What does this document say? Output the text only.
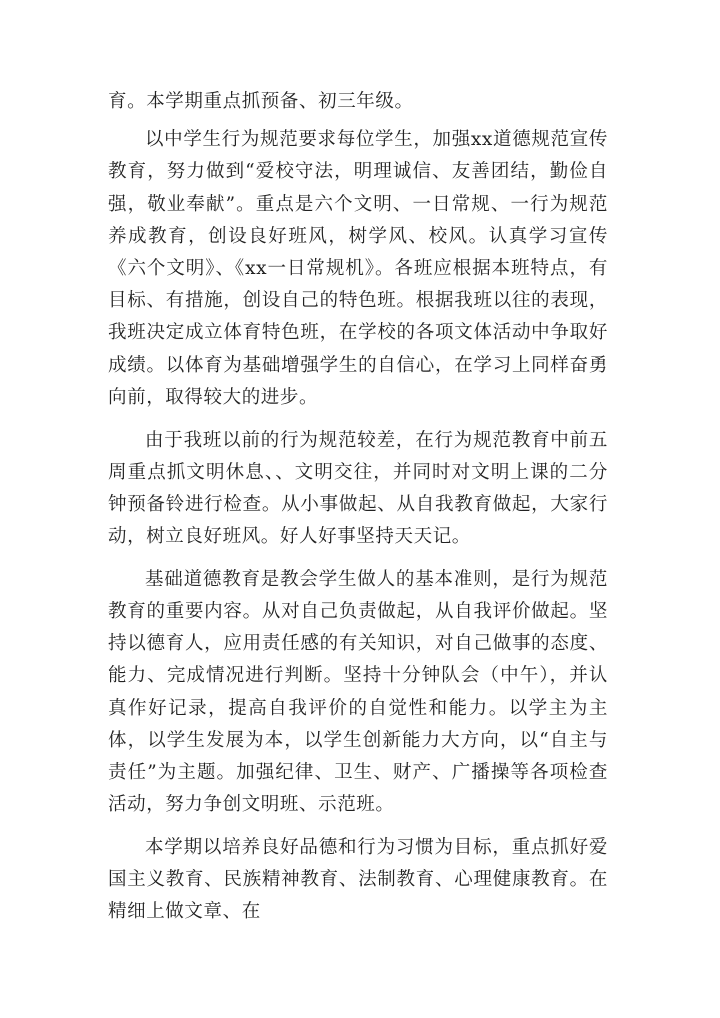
育。本学期重点抓预备、初三年级。

以中学生行为规范要求每位学生，加强xx道德规范宣传教育，努力做到“爱校守法，明理诚信、友善团结，勤俭自强，敬业奉献”。重点是六个文明、一日常规、一行为规范养成教育，创设良好班风，树学风、校风。认真学习宣传《六个文明》、《xx一日常规机》。各班应根据本班特点，有目标、有措施，创设自己的特色班。根据我班以往的表现，我班决定成立体育特色班，在学校的各项文体活动中争取好成绩。以体育为基础增强学生的自信心，在学习上同样奋勇向前，取得较大的进步。

由于我班以前的行为规范较差，在行为规范教育中前五周重点抓文明休息、、文明交往，并同时对文明上课的二分钟预备铃进行检查。从小事做起、从自我教育做起，大家行动，树立良好班风。好人好事坚持天天记。

基础道德教育是教会学生做人的基本准则，是行为规范教育的重要内容。从对自己负责做起，从自我评价做起。坚持以德育人，应用责任感的有关知识，对自己做事的态度、能力、完成情况进行判断。坚持十分钟队会（中午），并认真作好记录，提高自我评价的自觉性和能力。以学主为主体，以学生发展为本，以学生创新能力大方向，以“自主与责任”为主题。加强纪律、卫生、财产、广播操等各项检查活动，努力争创文明班、示范班。

本学期以培养良好品德和行为习惯为目标，重点抓好爱国主义教育、民族精神教育、法制教育、心理健康教育。在精细上做文章、在
